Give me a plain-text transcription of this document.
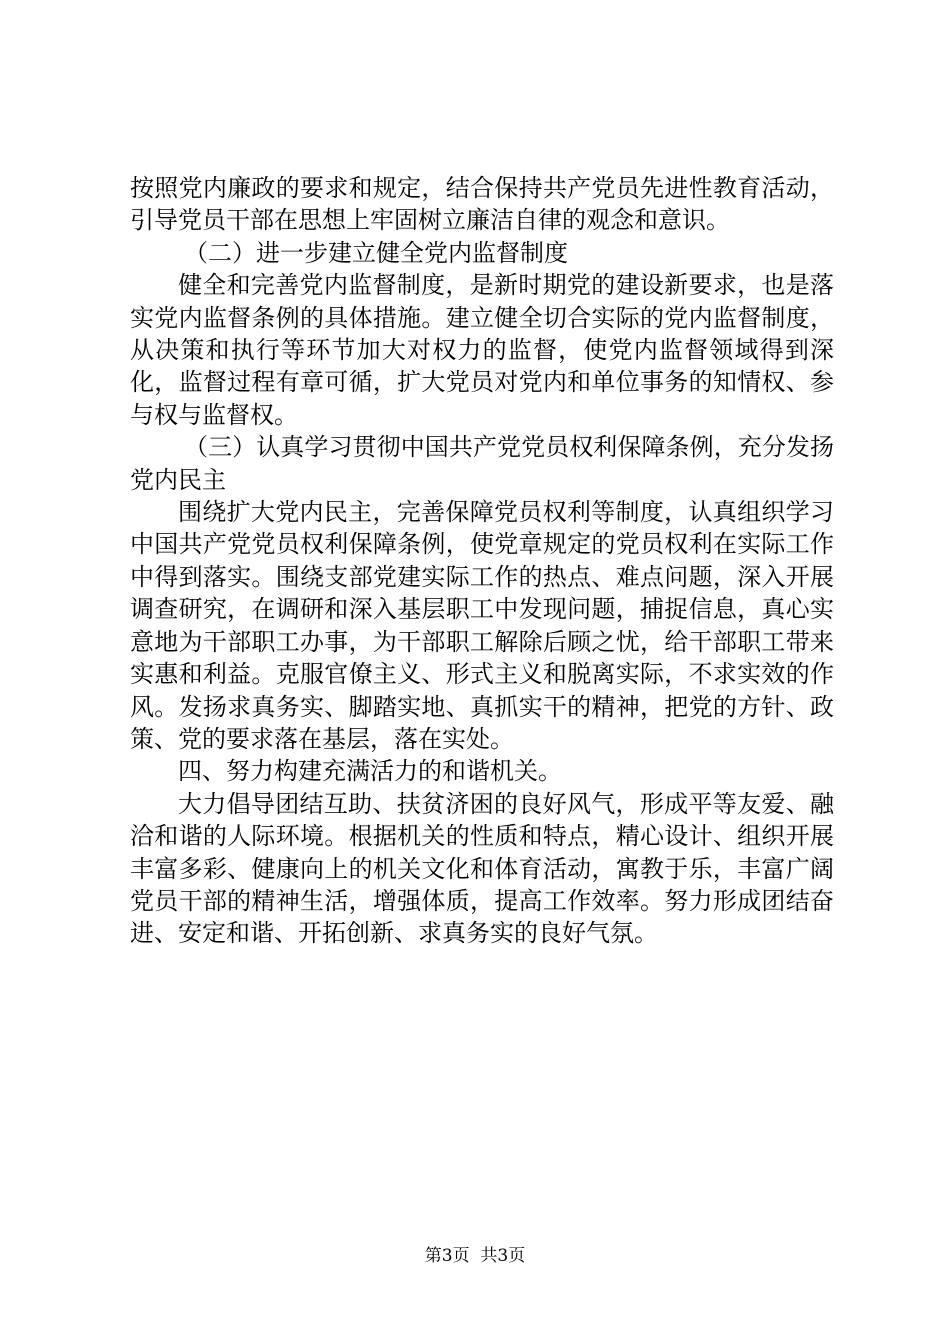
按照党内廉政的要求和规定，结合保持共产党员先进性教育活动，引导党员干部在思想上牢固树立廉洁自律的观念和意识。

（二）进一步建立健全党内监督制度

健全和完善党内监督制度，是新时期党的建设新要求，也是落实党内监督条例的具体措施。建立健全切合实际的党内监督制度，从决策和执行等环节加大对权力的监督，使党内监督领域得到深化，监督过程有章可循，扩大党员对党内和单位事务的知情权、参与权与监督权。

（三）认真学习贯彻中国共产党党员权利保障条例，充分发扬党内民主

围绕扩大党内民主，完善保障党员权利等制度，认真组织学习中国共产党党员权利保障条例，使党章规定的党员权利在实际工作中得到落实。围绕支部党建实际工作的热点、难点问题，深入开展调查研究，在调研和深入基层职工中发现问题，捕捉信息，真心实意地为干部职工办事，为干部职工解除后顾之忧，给干部职工带来实惠和利益。克服官僚主义、形式主义和脱离实际，不求实效的作风。发扬求真务实、脚踏实地、真抓实干的精神，把党的方针、政策、党的要求落在基层，落在实处。

四、努力构建充满活力的和谐机关。

大力倡导团结互助、扶贫济困的良好风气，形成平等友爱、融洽和谐的人际环境。根据机关的性质和特点，精心设计、组织开展丰富多彩、健康向上的机关文化和体育活动，寓教于乐，丰富广阔党员干部的精神生活，增强体质，提高工作效率。努力形成团结奋进、安定和谐、开拓创新、求真务实的良好气氛。

第3页 共3页
